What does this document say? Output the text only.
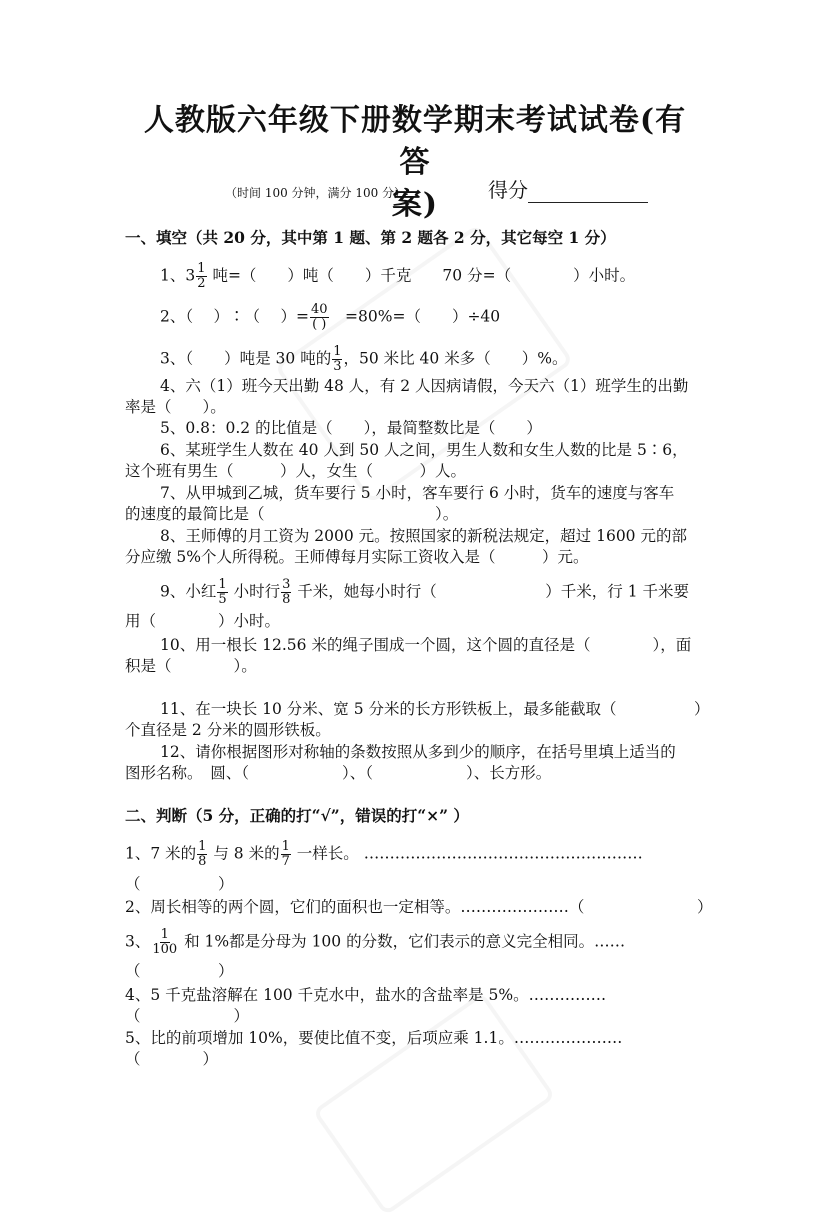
人教版六年级下册数学期末考试试卷(有答
案)
（时间 100 分钟，满分 100 分）	得分
一、填空（共 20 分，其中第 1 题、第 2 题各 2 分，其它每空 1 分）
1、$3 \frac{1}{2}$ 吨=（　　）吨（　　）千克　　70 分=（　　　　）小时。
2、（　 ）∶（　 ）= $\frac{40}{( )}$ 　=80%=（　　）÷40
3、（　　）吨是 30 吨的 $\frac{1}{3}$ ，50 米比 40 米多（　　）%。
4、六（1）班今天出勤 48 人，有 2 人因病请假，今天六（1）班学生的出勤
率是（　　）。
5、0.8：0.2 的比值是（　　），最简整数比是（　　）
6、某班学生人数在 40 人到 50 人之间，男生人数和女生人数的比是 5∶6，
这个班有男生（　　　）人，女生（　　　）人。
7、从甲城到乙城，货车要行 5 小时，客车要行 6 小时，货车的速度与客车
的速度的最简比是（　　　　　　　　　　　）。
8、王师傅的月工资为 2000 元。按照国家的新税法规定，超过 1600 元的部
分应缴 5%个人所得税。王师傅每月实际工资收入是（　　　）元。
9、小红 $\frac{1}{5}$ 小时行 $\frac{3}{8}$ 千米，她每小时行（　　　　　　　）千米，行 1 千米要
用（　　　　）小时。
10、用一根长 12.56 米的绳子围成一个圆，这个圆的直径是（　　　　），面
积是（　　　　）。
11、在一块长 10 分米、宽 5 分米的长方形铁板上，最多能截取（　　　　　）
个直径是 2 分米的圆形铁板。
12、请你根据图形对称轴的条数按照从多到少的顺序，在括号里填上适当的
图形名称。　圆、（　　　　　　）、（　　　　　　）、长方形。
二、判断（5 分，正确的打“√”，错误的打“×” ）
1、7 米的 $\frac{1}{8}$ 与 8 米的 $\frac{1}{7}$ 一样长。 ………………………………………………
（　　　　　）
2、周长相等的两个圆，它们的面积也一定相等。…………………（	）
3、 $\frac{1}{100}$ 和 1%都是分母为 100 的分数，它们表示的意义完全相同。……
（　　　　　）
4、5 千克盐溶解在 100 千克水中，盐水的含盐率是 5%。……………
（　　　　　　）
5、比的前项增加 10%，要使比值不变，后项应乘 1.1。…………………
（　　　　）
